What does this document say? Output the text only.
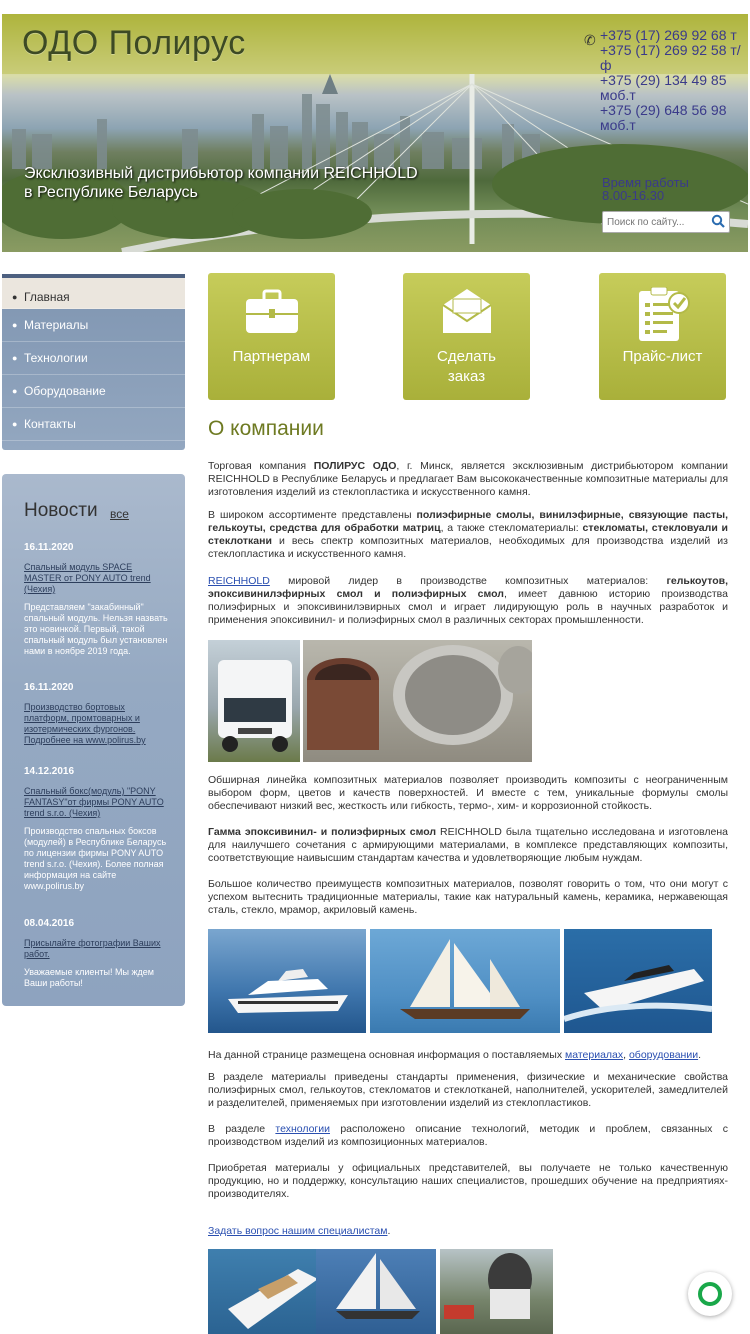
ОДО Полирус
Эксклюзивный дистрибьютор компании REICHHOLD
в Республике Беларусь
✆ +375 (17) 269 92 68 т
+375 (17) 269 92 58 т/ф
+375 (29) 134 49 85 моб.т
+375 (29) 648 56 98 моб.т
Время работы
8.00-16.30
Поиск по сайту...
● Главная
● Материалы
● Технологии
● Оборудование
● Контакты
Новости все
16.11.2020
Спальный модуль SPACE MASTER от PONY AUTO trend (Чехия)
Представляем "закабинный" спальный модуль. Нельзя назвать это новинкой. Первый, такой спальный модуль был установлен нами в ноябре 2019 года.
16.11.2020
Производство бортовых платформ, промтоварных и изотермических фургонов. Подробнее на www.polirus.by
14.12.2016
Спальный бокс(модуль) "PONY FANTASY"от фирмы PONY AUTO trend s.r.o. (Чехия)
Производство спальных боксов (модулей) в Республике Беларусь по лицензии фирмы PONY AUTO trend s.r.o. (Чехия). Более полная информация на сайте www.polirus.by
08.04.2016
Присылайте фотографии Ваших работ.
Уважаемые клиенты! Мы ждем Ваши работы!
Партнерам	Сделать
заказ
Прайс-лист
О компании
Торговая компания ПОЛИРУС ОДО, г. Минск, является эксклюзивным дистрибьютором компании REICHHOLD в Республике Беларусь и предлагает Вам высококачественные композитные материалы для изготовления изделий из стеклопластика и искусственного камня.
В широком ассортименте представлены полиэфирные смолы, винилэфирные, связующие пасты, гелькоуты, средства для обработки матриц, а также стекломатериалы: стекломаты, стекловуали и стеклоткани и весь спектр композитных материалов, необходимых для производства изделий из стеклопластика и искусственного камня.
REICHHOLD мировой лидер в производстве композитных материалов: гелькоутов, эпоксивинилэфирных смол и полиэфирных смол, имеет давнюю историю производства полиэфирных и эпоксивинилэвирных смол и играет лидирующую роль в научных разработок и применения эпоксивинил- и полиэфирных смол в различных секторах промышленности.
Обширная линейка композитных материалов позволяет производить композиты с неограниченным выбором форм, цветов и качеств поверхностей. И вместе с тем, уникальные формулы смолы обеспечивают низкий вес, жесткость или гибкость, термо-, хим- и коррозионной стойкость.
Гамма эпоксивинил- и полиэфирных смол REICHHOLD была тщательно исследована и изготовлена для наилучшего сочетания с армирующими материалами, в комплексе представляющих композиты, соответствующие наивысшим стандартам качества и удовлетворяющие любым нуждам.
Большое количество преимуществ композитных материалов, позволят говорить о том, что они могут с успехом вытеснить традиционные материалы, такие как натуральный камень, керамика, нержавеющая сталь, стекло, мрамор, акриловый камень.
На данной странице размещена основная информация о поставляемых материалах, оборудовании.
В разделе материалы приведены стандарты применения, физические и механические свойства полиэфирных смол, гелькоутов, стекломатов и стеклотканей, наполнителей, ускорителей, замедлителей и разделителей, применяемых при изготовлении изделий из стеклопластиков.
В разделе технологии расположено описание технологий, методик и проблем, связанных с производством изделий из композиционных материалов.
Приобретая материалы у официальных представителей, вы получаете не только качественную продукцию, но и поддержку, консультацию наших специалистов, прошедших обучение на предприятиях-производителях.
Задать вопрос нашим специалистам.
